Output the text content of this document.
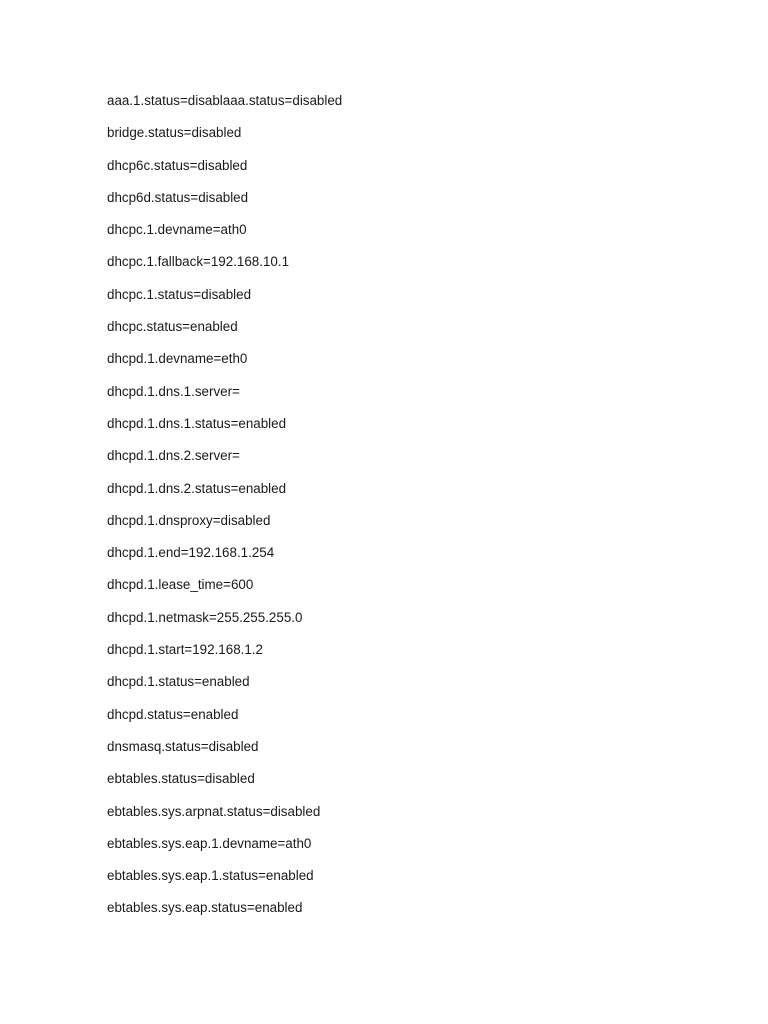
aaa.1.status=disablaaa.status=disabled
bridge.status=disabled
dhcp6c.status=disabled
dhcp6d.status=disabled
dhcpc.1.devname=ath0
dhcpc.1.fallback=192.168.10.1
dhcpc.1.status=disabled
dhcpc.status=enabled
dhcpd.1.devname=eth0
dhcpd.1.dns.1.server=
dhcpd.1.dns.1.status=enabled
dhcpd.1.dns.2.server=
dhcpd.1.dns.2.status=enabled
dhcpd.1.dnsproxy=disabled
dhcpd.1.end=192.168.1.254
dhcpd.1.lease_time=600
dhcpd.1.netmask=255.255.255.0
dhcpd.1.start=192.168.1.2
dhcpd.1.status=enabled
dhcpd.status=enabled
dnsmasq.status=disabled
ebtables.status=disabled
ebtables.sys.arpnat.status=disabled
ebtables.sys.eap.1.devname=ath0
ebtables.sys.eap.1.status=enabled
ebtables.sys.eap.status=enabled
